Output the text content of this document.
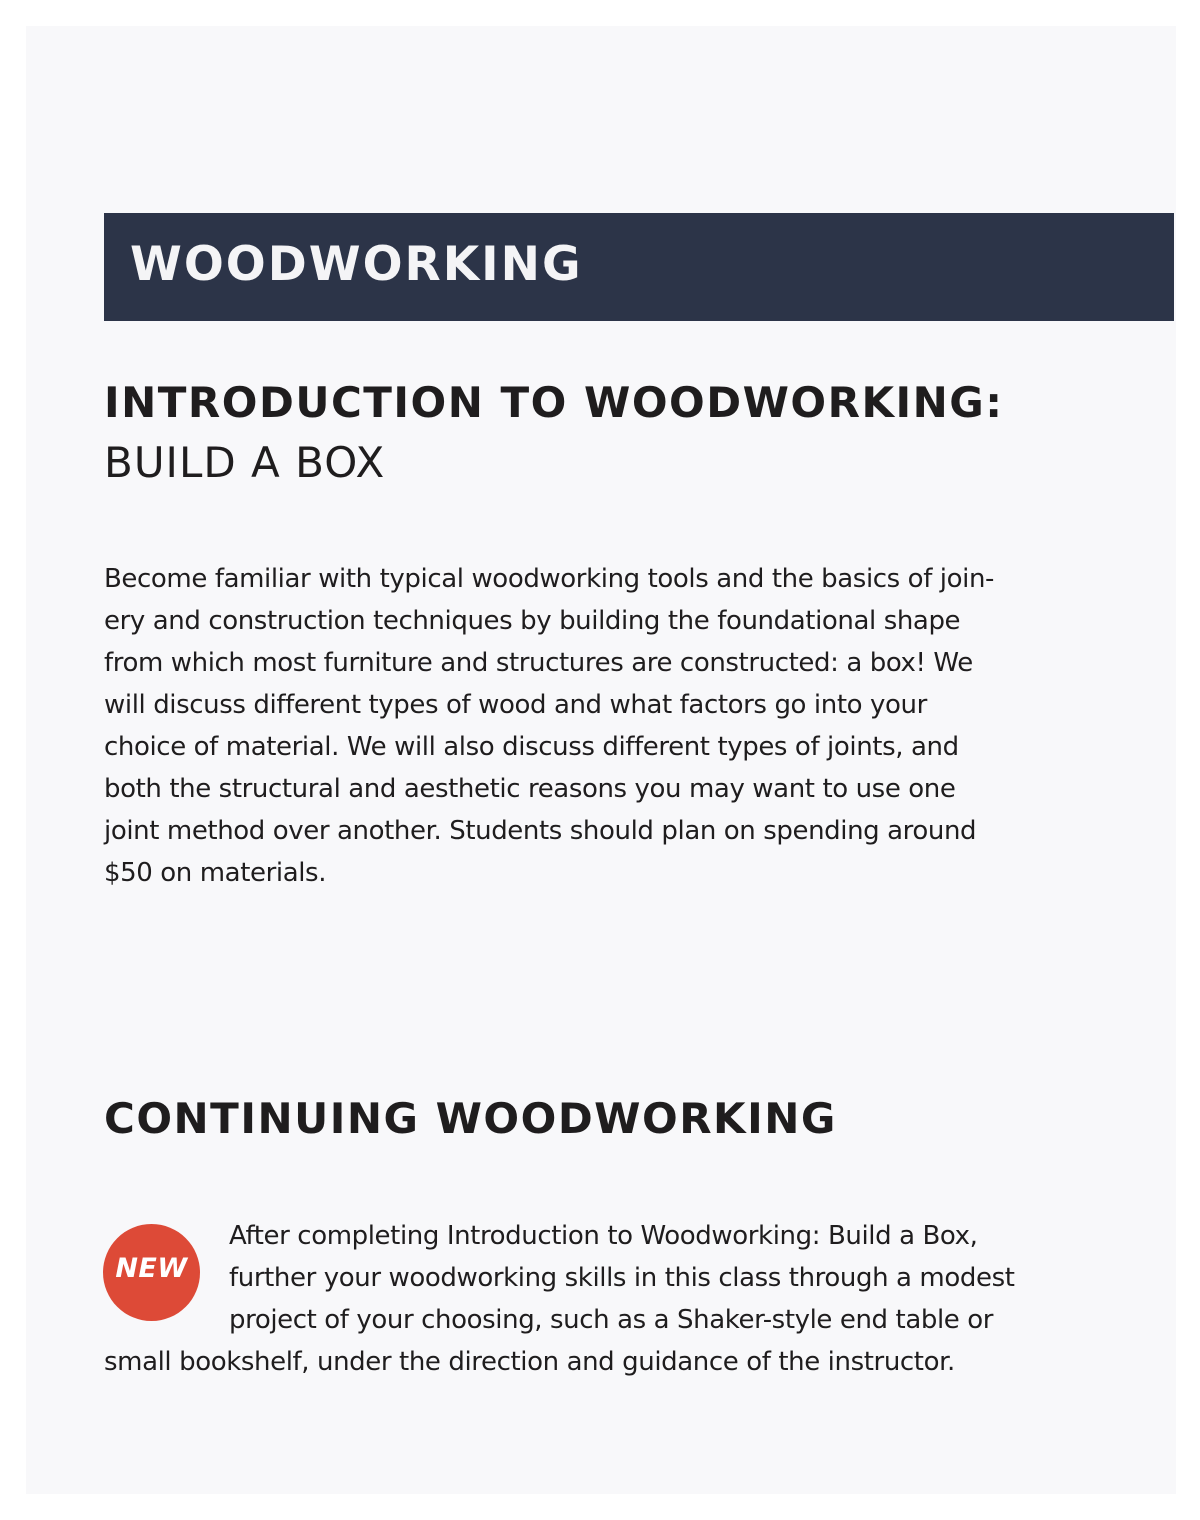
WOODWORKING
INTRODUCTION TO WOODWORKING:
BUILD A BOX

Become familiar with typical woodworking tools and the basics of join-
ery and construction techniques by building the foundational shape
from which most furniture and structures are constructed: a box! We
will discuss different types of wood and what factors go into your
choice of material. We will also discuss different types of joints, and
both the structural and aesthetic reasons you may want to use one
joint method over another. Students should plan on spending around
$50 on materials.

CONTINUING WOODWORKING
NEW

After completing Introduction to Woodworking: Build a Box,
further your woodworking skills in this class through a modest
project of your choosing, such as a Shaker-style end table or
small bookshelf, under the direction and guidance of the instructor.
